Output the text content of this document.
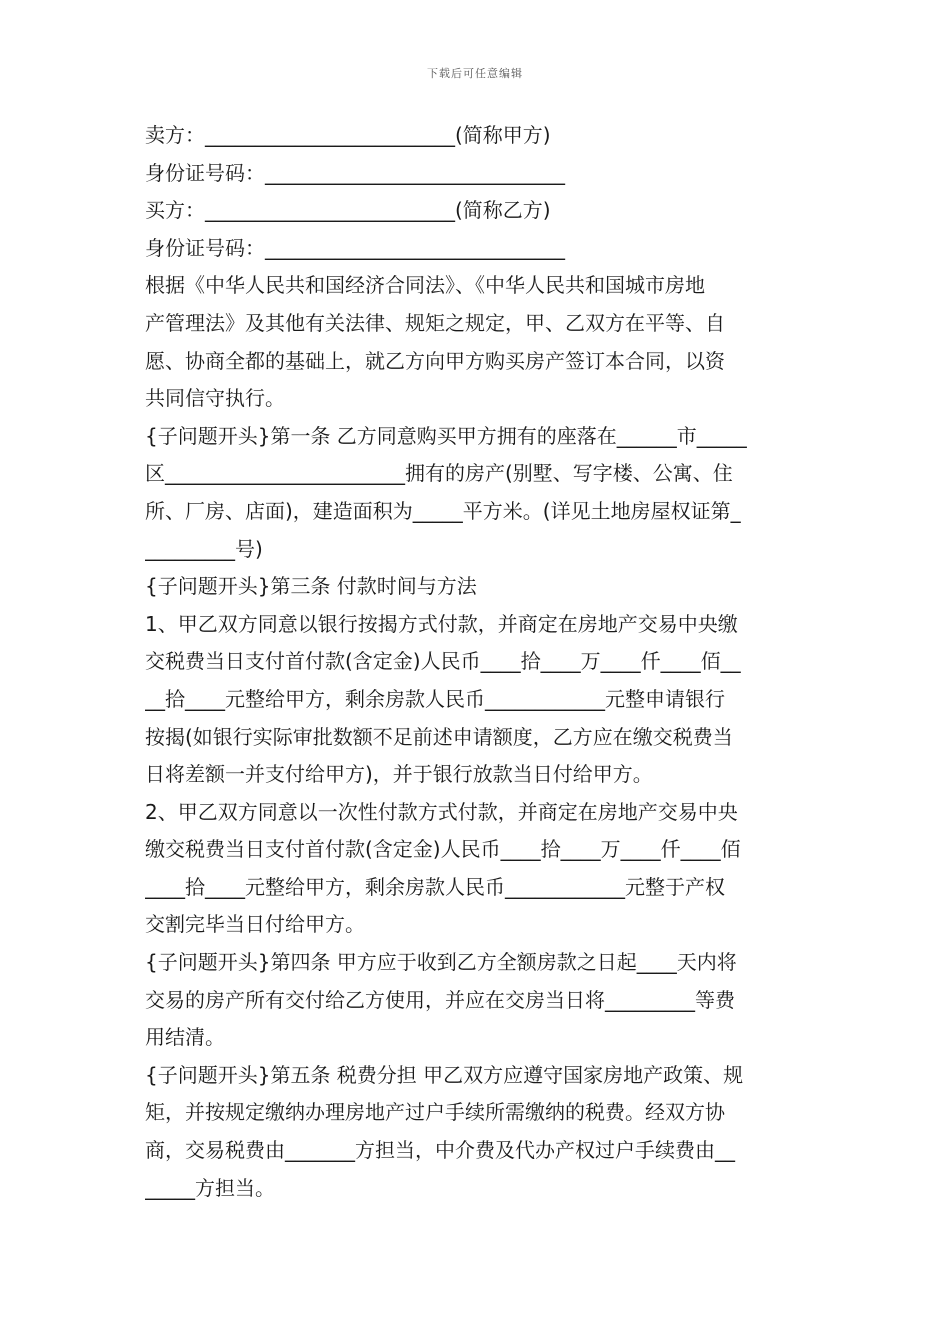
下载后可任意编辑
卖方：_________________________(简称甲方)
身份证号码：______________________________
买方：_________________________(简称乙方)
身份证号码：______________________________
根据《中华人民共和国经济合同法》、《中华人民共和国城市房地
产管理法》及其他有关法律、规矩之规定，甲、乙双方在平等、自
愿、协商全都的基础上，就乙方向甲方购买房产签订本合同，以资
共同信守执行。
{子问题开头}第一条 乙方同意购买甲方拥有的座落在______市_____
区________________________拥有的房产(别墅、写字楼、公寓、住
所、厂房、店面)，建造面积为_____平方米。(详见土地房屋权证第_
_________号)
{子问题开头}第三条 付款时间与方法
1、甲乙双方同意以银行按揭方式付款，并商定在房地产交易中央缴
交税费当日支付首付款(含定金)人民币____拾____万____仟____佰__
__拾____元整给甲方，剩余房款人民币____________元整申请银行
按揭(如银行实际审批数额不足前述申请额度，乙方应在缴交税费当
日将差额一并支付给甲方)，并于银行放款当日付给甲方。
2、甲乙双方同意以一次性付款方式付款，并商定在房地产交易中央
缴交税费当日支付首付款(含定金)人民币____拾____万____仟____佰
____拾____元整给甲方，剩余房款人民币____________元整于产权
交割完毕当日付给甲方。
{子问题开头}第四条 甲方应于收到乙方全额房款之日起____天内将
交易的房产所有交付给乙方使用，并应在交房当日将_________等费
用结清。
{子问题开头}第五条 税费分担 甲乙双方应遵守国家房地产政策、规
矩，并按规定缴纳办理房地产过户手续所需缴纳的税费。经双方协
商，交易税费由_______方担当，中介费及代办产权过户手续费由__
_____方担当。
